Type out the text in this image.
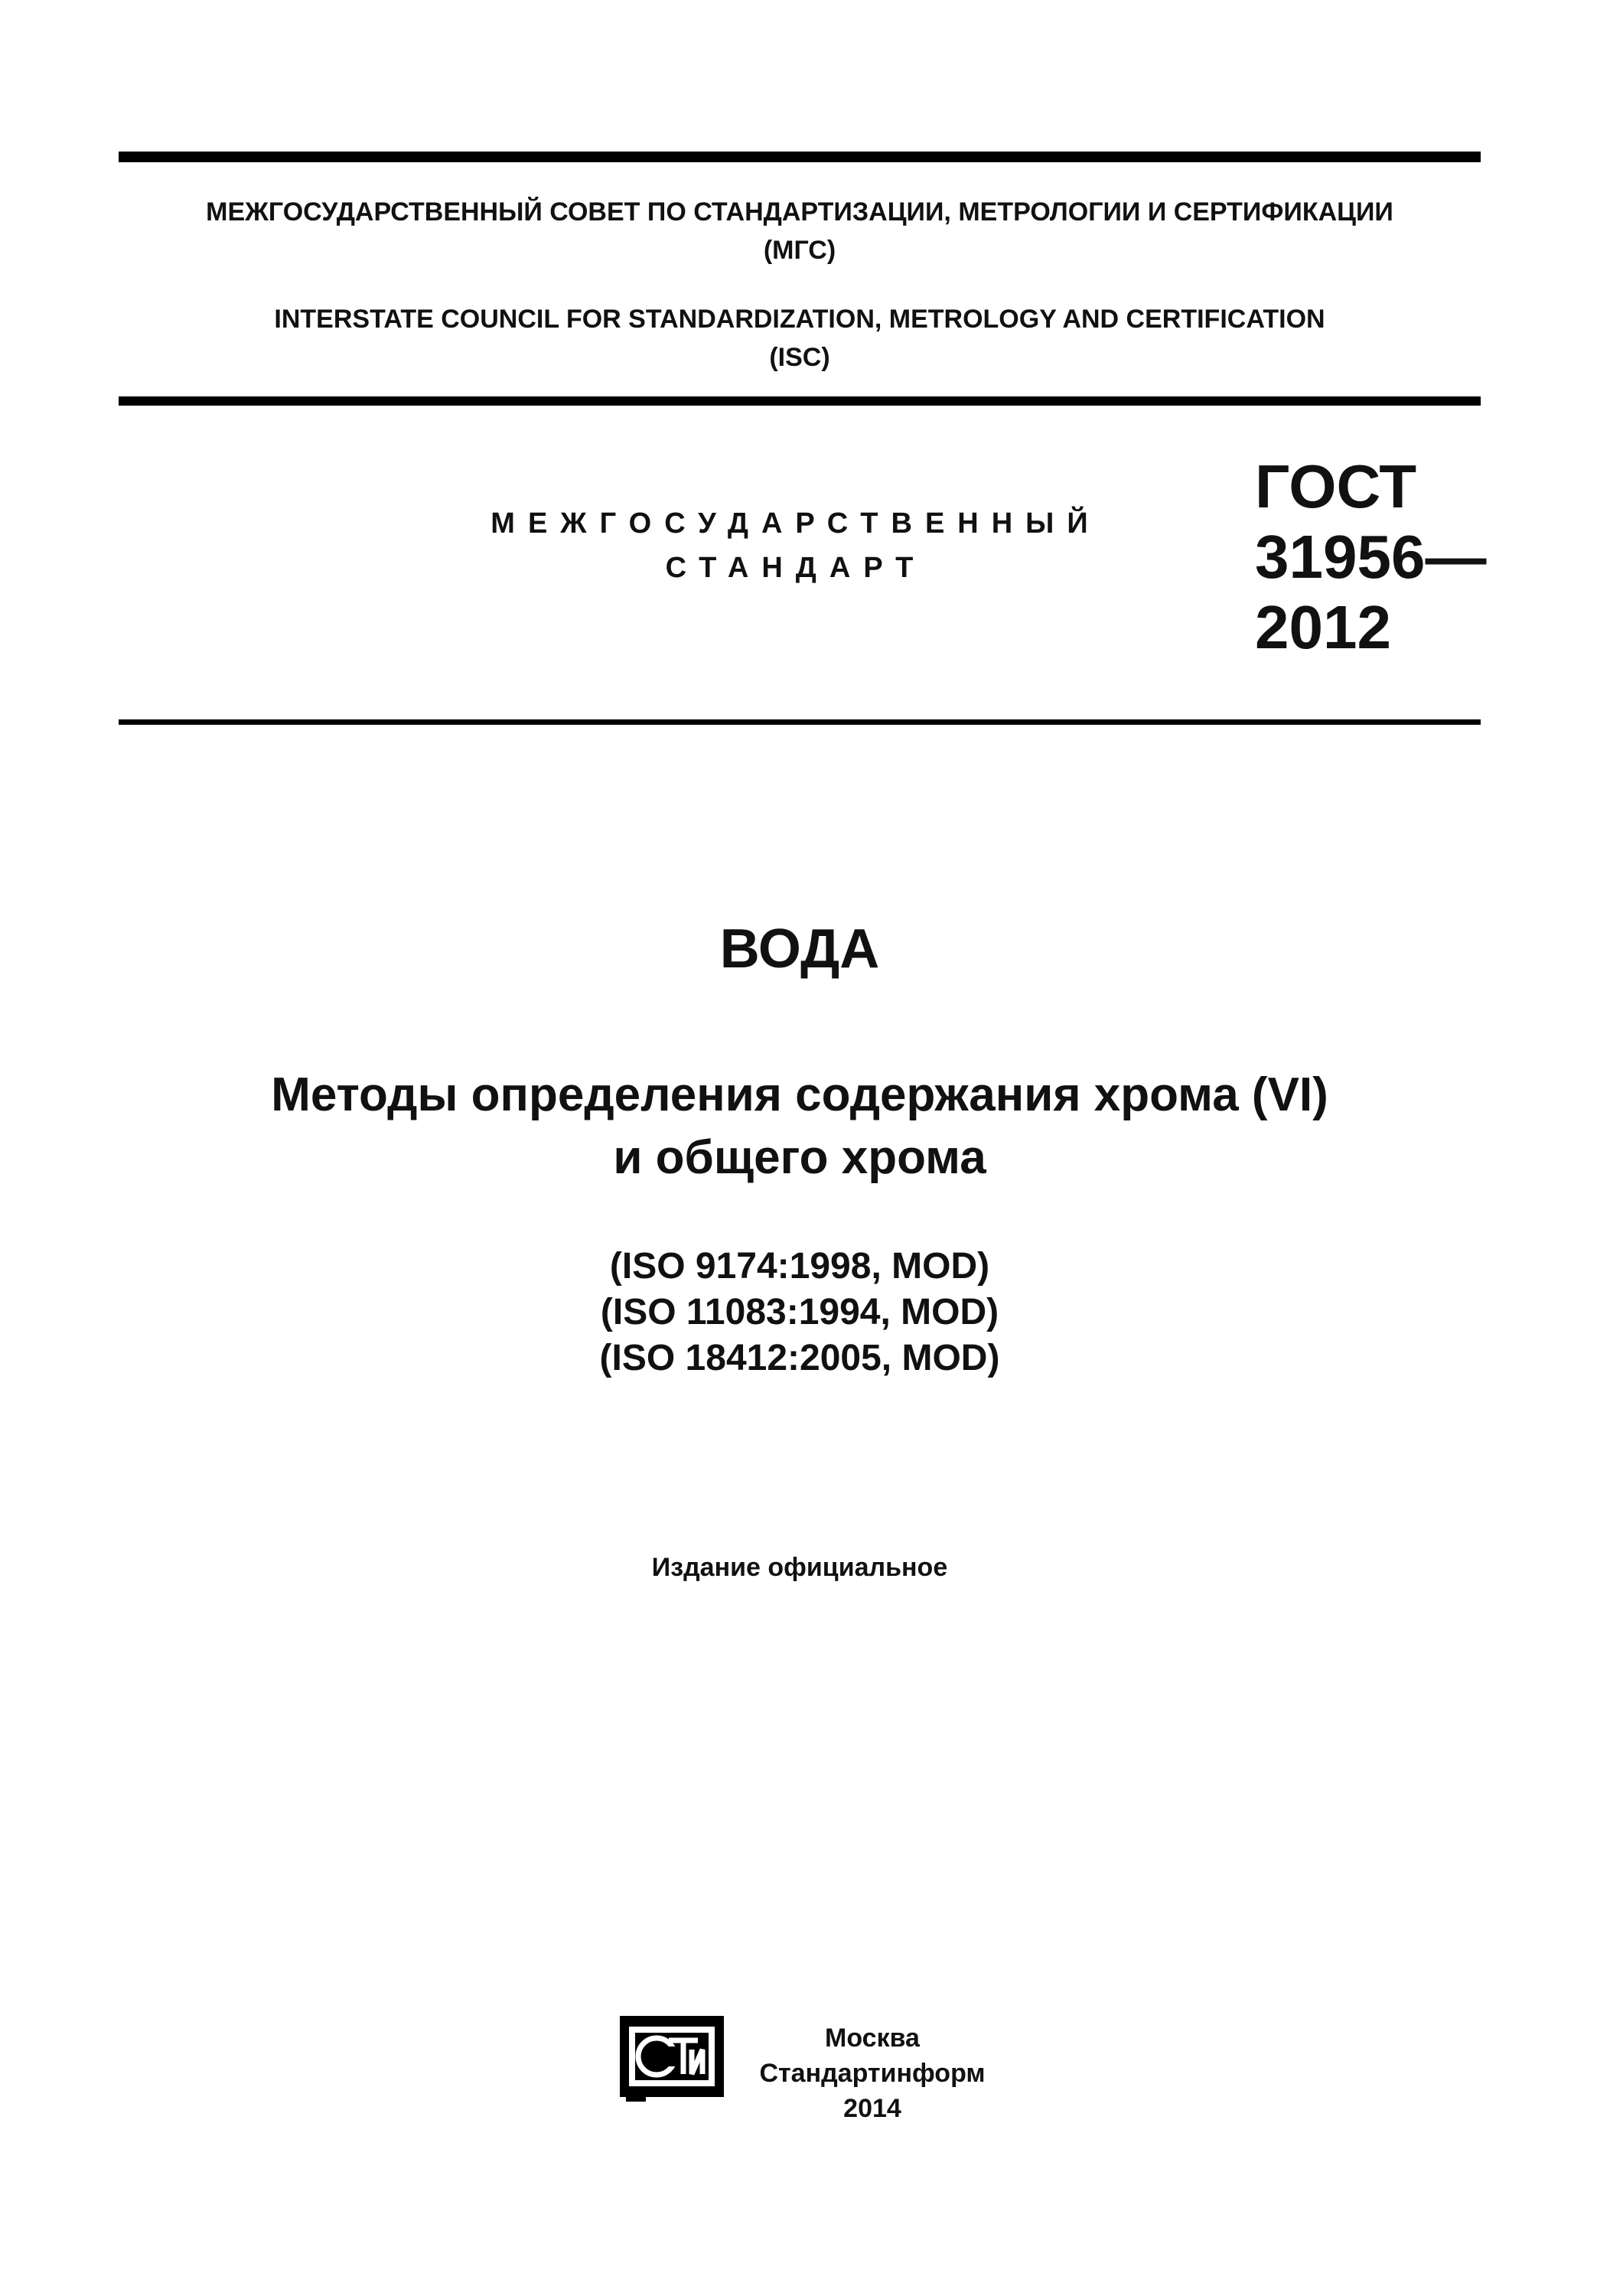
МЕЖГОСУДАРСТВЕННЫЙ СОВЕТ ПО СТАНДАРТИЗАЦИИ, МЕТРОЛОГИИ И СЕРТИФИКАЦИИ
(МГС)
INTERSTATE COUNCIL FOR STANDARDIZATION, METROLOGY AND CERTIFICATION
(ISC)
МЕЖГОСУДАРСТВЕННЫЙ
СТАНДАРТ
ГОСТ
31956—
2012
ВОДА
Методы определения содержания хрома (VI)
и общего хрома
(ISO 9174:1998, MOD)
(ISO 11083:1994, MOD)
(ISO 18412:2005, MOD)
Издание официальное
Москва
Стандартинформ
2014
